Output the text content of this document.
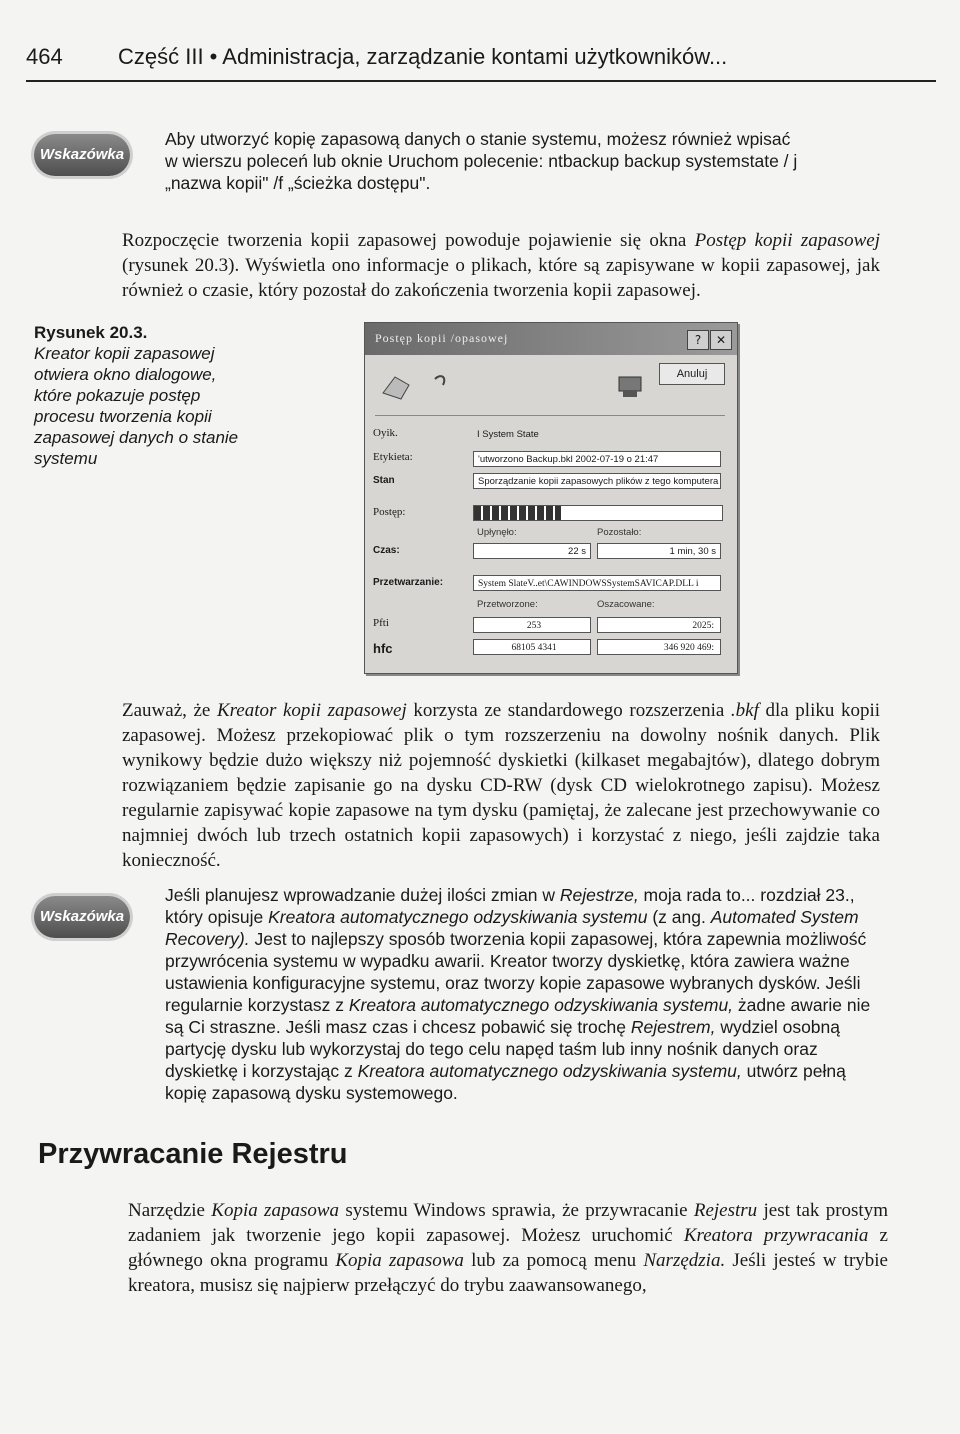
464	Część III • Administracja, zarządzanie kontami użytkowników...
Wskazówka
Aby utworzyć kopię zapasową danych o stanie systemu, możesz również wpisać
w wierszu poleceń lub oknie Uruchom polecenie: ntbackup backup systemstate / j
„nazwa kopii" /f „ścieżka dostępu".
Rozpoczęcie tworzenia kopii zapasowej powoduje pojawienie się okna Postęp kopii zapasowej (rysunek 20.3). Wyświetla ono informacje o plikach, które są zapisywane w kopii zapasowej, jak również o czasie, który pozostał do zakończenia tworzenia kopii zapasowej.
Rysunek 20.3.
Kreator kopii zapasowej otwiera okno dialogowe, które pokazuje postęp procesu tworzenia kopii zapasowej danych o stanie systemu
Postęp kopii /opasowej	?	✕
Anuluj
Oyik.	I System State
Etykieta:	'utworzono Backup.bkl 2002-07-19 o 21:47
Stan	Sporządzanie kopii zapasowych plików z tego komputera
Postęp:
Upłynęło:	Pozostało:
Czas:	22 s	1 min, 30 s
Przetwarzanie:	System SlateV..et\CAWINDOWSSystemSAVICAP.DLL i
Przetworzone:	Oszacowane:
Pfti	253	2025:
hfc	68105 4341	346 920 469:
Zauważ, że Kreator kopii zapasowej korzysta ze standardowego rozszerzenia .bkf dla pliku kopii zapasowej. Możesz przekopiować plik o tym rozszerzeniu na dowolny nośnik danych. Plik wynikowy będzie dużo większy niż pojemność dyskietki (kilkaset megabajtów), dlatego dobrym rozwiązaniem będzie zapisanie go na dysku CD-RW (dysk CD wielokrotnego zapisu). Możesz regularnie zapisywać kopie zapasowe na tym dysku (pamiętaj, że zalecane jest przechowywanie co najmniej dwóch lub trzech ostatnich kopii zapasowych) i korzystać z niego, jeśli zajdzie taka konieczność.
Wskazówka
Jeśli planujesz wprowadzanie dużej ilości zmian w Rejestrze, moja rada to... rozdział 23., który opisuje Kreatora automatycznego odzyskiwania systemu (z ang. Automated System Recovery). Jest to najlepszy sposób tworzenia kopii zapasowej, która zapewnia możliwość przywrócenia systemu w wypadku awarii. Kreator tworzy dyskietkę, która zawiera ważne ustawienia konfiguracyjne systemu, oraz tworzy kopie zapasowe wybranych dysków. Jeśli regularnie korzystasz z Kreatora automatycznego odzyskiwania systemu, żadne awarie nie są Ci straszne. Jeśli masz czas i chcesz pobawić się trochę Rejestrem, wydziel osobną partycję dysku lub wykorzystaj do tego celu napęd taśm lub inny nośnik danych oraz dyskietkę i korzystając z Kreatora automatycznego odzyskiwania systemu, utwórz pełną kopię zapasową dysku systemowego.
Przywracanie Rejestru
Narzędzie Kopia zapasowa systemu Windows sprawia, że przywracanie Rejestru jest tak prostym zadaniem jak tworzenie jego kopii zapasowej. Możesz uruchomić Kreatora przywracania z głównego okna programu Kopia zapasowa lub za pomocą menu Narzędzia. Jeśli jesteś w trybie kreatora, musisz się najpierw przełączyć do trybu zaawansowanego,
